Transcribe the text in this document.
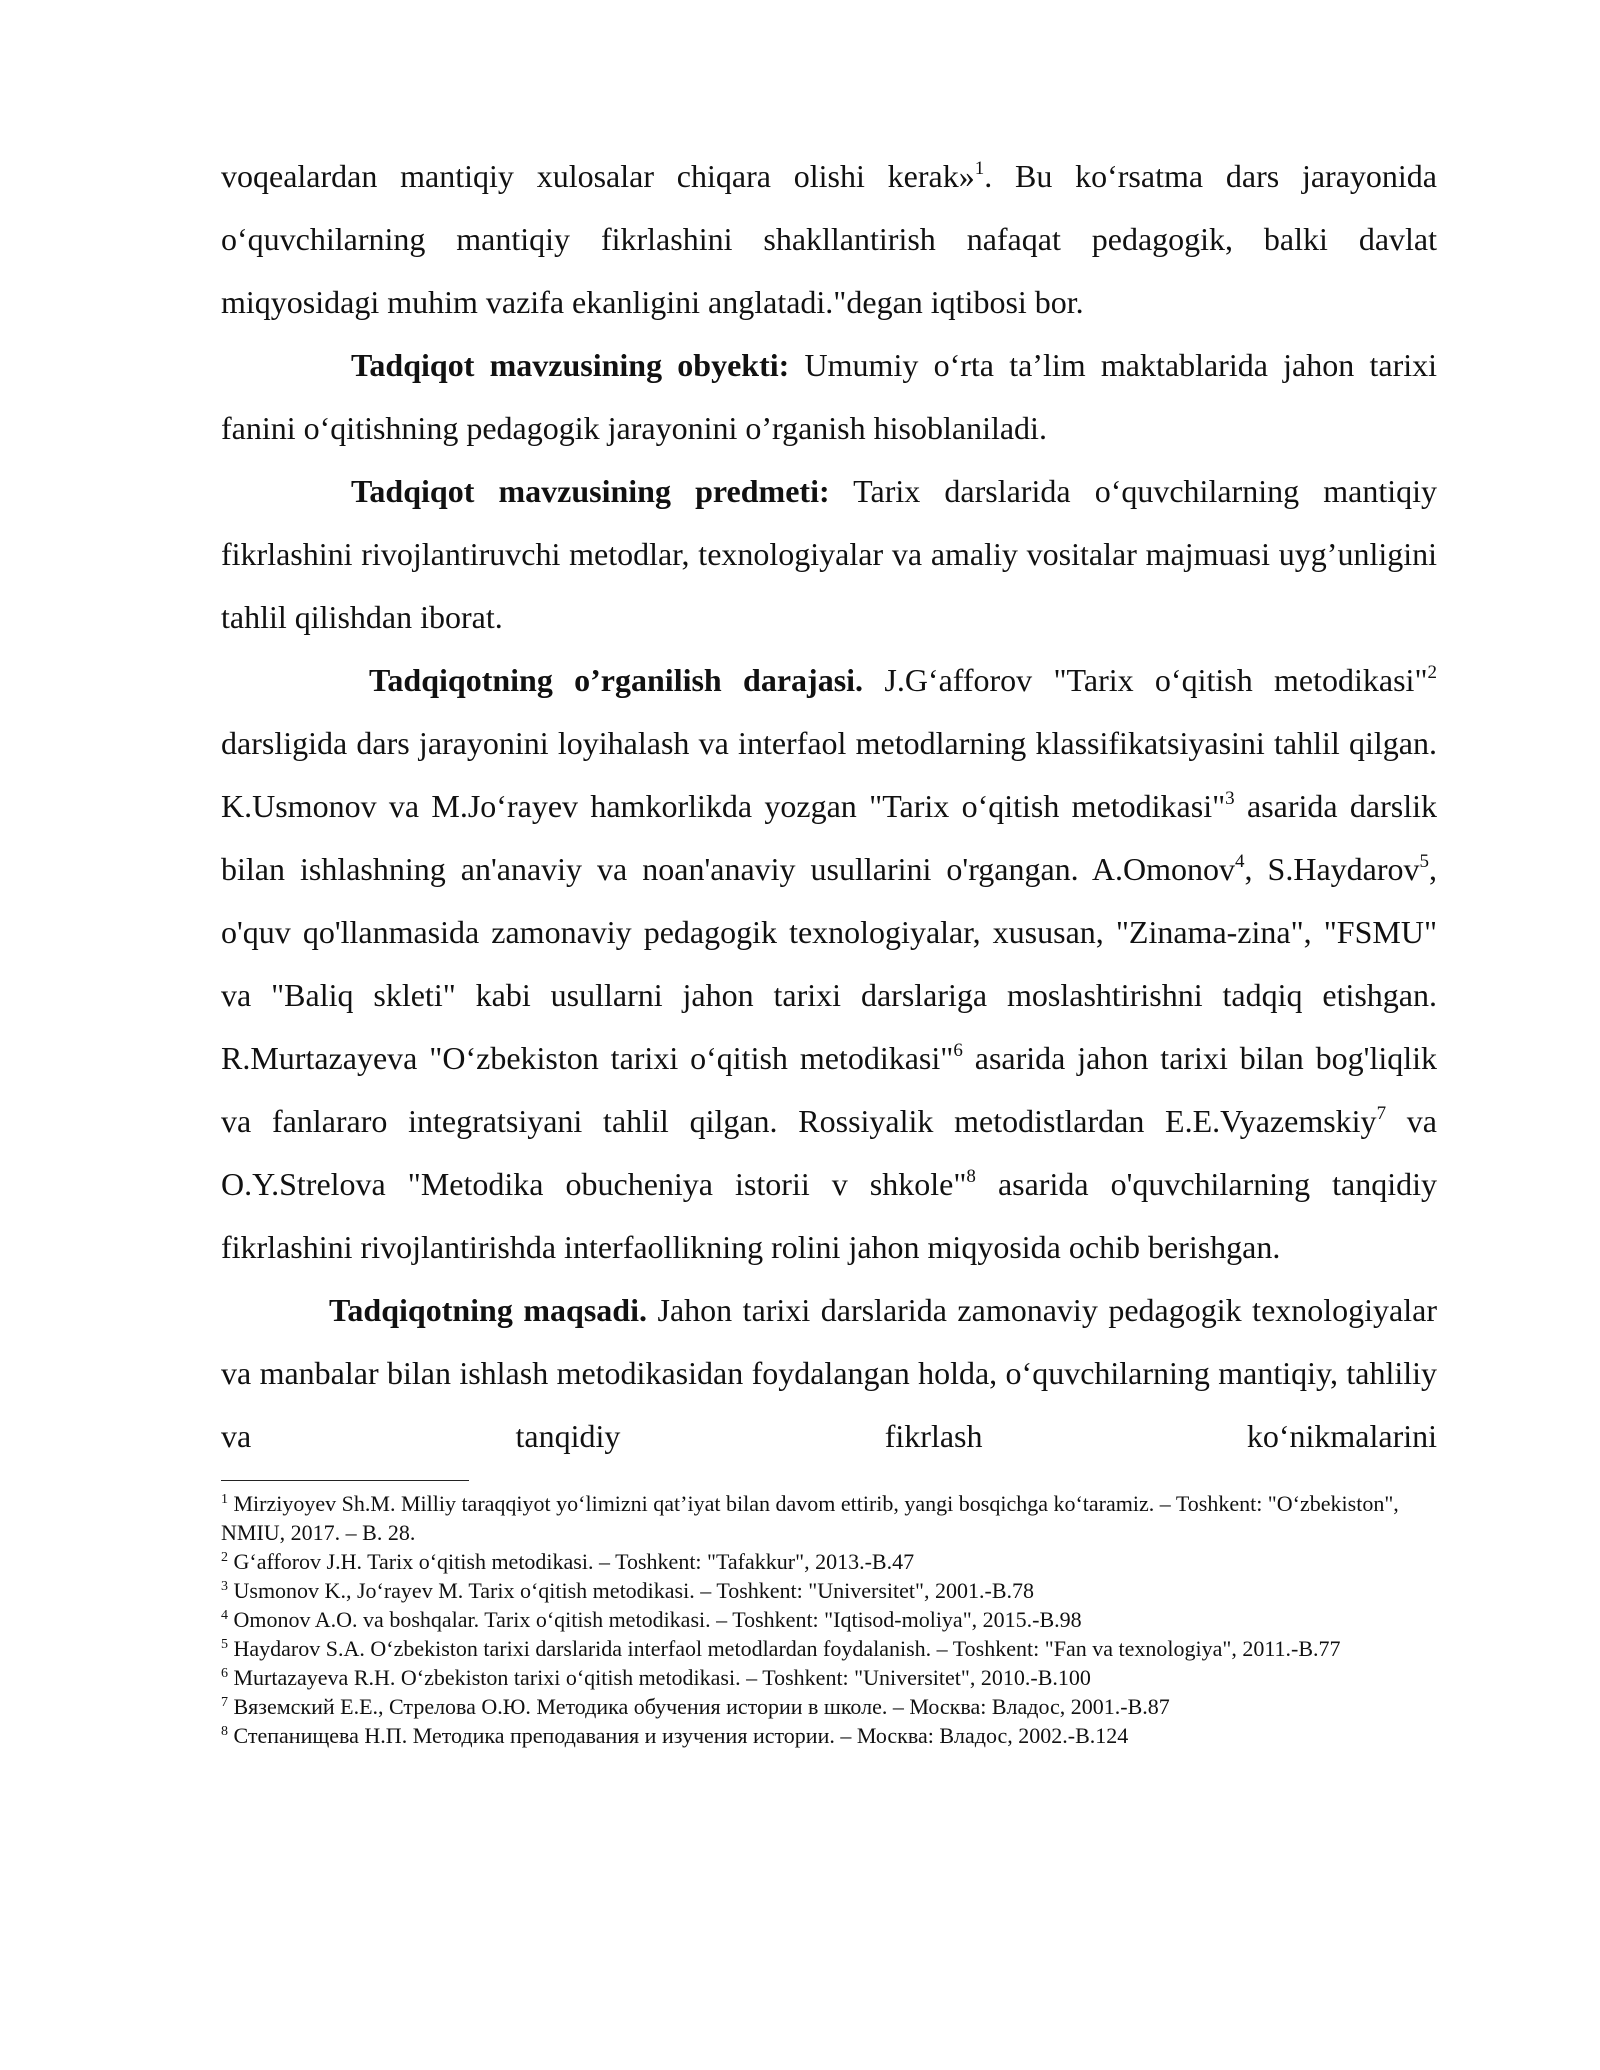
voqealardan mantiqiy xulosalar chiqara olishi kerak»$^1$. Bu ko‘rsatma dars jarayonida o‘quvchilarning mantiqiy fikrlashini shakllantirish nafaqat pedagogik, balki davlat miqyosidagi muhim vazifa ekanligini anglatadi."degan iqtibosi bor.

Tadqiqot mavzusining obyekti: Umumiy o‘rta ta’lim maktablarida jahon tarixi fanini o‘qitishning pedagogik jarayonini o’rganish hisoblaniladi.

Tadqiqot mavzusining predmeti: Tarix darslarida o‘quvchilarning mantiqiy fikrlashini rivojlantiruvchi metodlar, texnologiyalar va amaliy vositalar majmuasi uyg’unligini tahlil qilishdan iborat.

Tadqiqotning o’rganilish darajasi. J.G‘afforov "Tarix o‘qitish metodikasi"$^2$ darsligida dars jarayonini loyihalash va interfaol metodlarning klassifikatsiyasini tahlil qilgan. K.Usmonov va M.Jo‘rayev hamkorlikda yozgan "Tarix o‘qitish metodikasi"$^3$ asarida darslik bilan ishlashning an'anaviy va noan'anaviy usullarini o'rgangan. A.Omonov$^4$, S.Haydarov$^5$, o'quv qo'llanmasida zamonaviy pedagogik texnologiyalar, xususan, "Zinama-zina", "FSMU" va "Baliq skleti" kabi usullarni jahon tarixi darslariga moslashtirishni tadqiq etishgan. R.Murtazayeva "O‘zbekiston tarixi o‘qitish metodikasi"$^6$ asarida jahon tarixi bilan bog'liqlik va fanlararo integratsiyani tahlil qilgan. Rossiyalik metodistlardan E.E.Vyazemskiy$^7$ va O.Y.Strelova "Metodika obucheniya istorii v shkole"$^8$ asarida o'quvchilarning tanqidiy fikrlashini rivojlantirishda interfaollikning rolini jahon miqyosida ochib berishgan.

Tadqiqotning maqsadi. Jahon tarixi darslarida zamonaviy pedagogik texnologiyalar va manbalar bilan ishlash metodikasidan foydalangan holda, o‘quvchilarning mantiqiy, tahliliy va tanqidiy fikrlash ko‘nikmalarini

$^1$ Mirziyoyev Sh.M. Milliy taraqqiyot yo‘limizni qat’iyat bilan davom ettirib, yangi bosqichga ko‘taramiz. – Toshkent: "O‘zbekiston", NMIU, 2017. – B. 28.

$^2$ G‘afforov J.H. Tarix o‘qitish metodikasi. – Toshkent: "Tafakkur", 2013.-B.47

$^3$ Usmonov K., Jo‘rayev M. Tarix o‘qitish metodikasi. – Toshkent: "Universitet", 2001.-B.78

$^4$ Omonov A.O. va boshqalar. Tarix o‘qitish metodikasi. – Toshkent: "Iqtisod-moliya", 2015.-B.98

$^5$ Haydarov S.A. O‘zbekiston tarixi darslarida interfaol metodlardan foydalanish. – Toshkent: "Fan va texnologiya", 2011.-B.77

$^6$ Murtazayeva R.H. O‘zbekiston tarixi o‘qitish metodikasi. – Toshkent: "Universitet", 2010.-B.100

$^7$ Вяземский Е.Е., Стрелова О.Ю. Методика обучения истории в школе. – Москва: Владос, 2001.-B.87

$^8$ Степанищева Н.П. Методика преподавания и изучения истории. – Москва: Владос, 2002.-B.124
